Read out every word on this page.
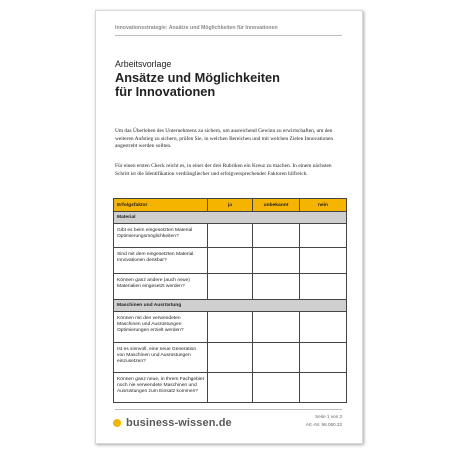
Innovationsstrategie: Ansätze und Möglichkeiten für Innovationen
Arbeitsvorlage
Ansätze und Möglichkeiten
für Innovationen
Um das Überleben des Unternehmens zu sichern, um ausreichend Gewinn zu erwirtschaften, um den weiteren Aufstieg zu sichern, prüfen Sie, in welchen Bereichen und mit welchen Zielen Innovationen angestrebt werden sollten.
Für einen ersten Check reicht es, in einer der drei Rubriken ein Kreuz zu machen. In einem nächsten Schritt ist die Identifikation verdrängliecher und erfolgversprechender Faktoren hilfreich.
Erfolgsfaktor	ja	unbekannt	nein
Material			
Gibt es beim eingesetzten Material Optimierungsmöglichkeiten?			
Sind mit dem eingesetzten Material Innovationen denkbar?			
Können ganz andere (auch neue) Materialien eingesetzt werden?			
Maschinen und Ausrüstung			
Können mit den verwendeten Maschinen und Ausrüstungen Optimierungen erzielt werden?			
Ist es sinnvoll, eine neue Generation von Maschinen und Ausrüstungen einzusetzen?			
Können ganz neue, in Ihrem Fachgebiet noch nie verwendete Maschinen und Ausrüstungen zum Einsatz kommen?			
business-wissen.de
Seite 1 von 3
Art.-Nr. 98.060.32
